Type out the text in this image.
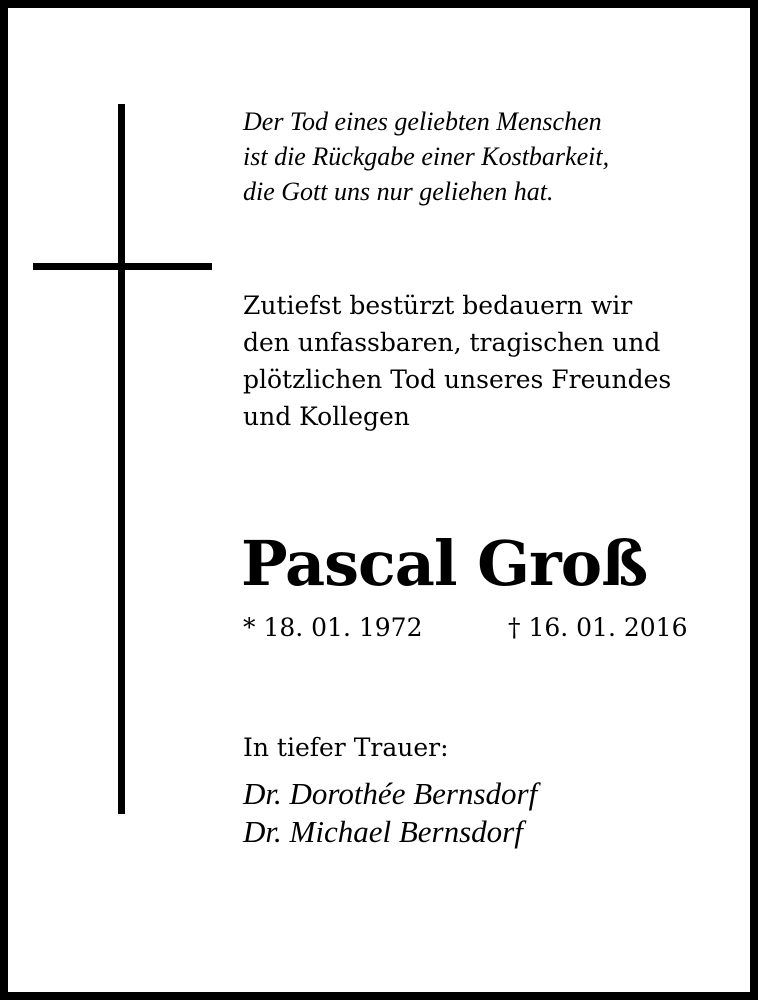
Der Tod eines geliebten Menschen
ist die Rückgabe einer Kostbarkeit,
die Gott uns nur geliehen hat.
Zutiefst bestürzt bedauern wir
den unfassbaren, tragischen und
plötzlichen Tod unseres Freundes
und Kollegen
Pascal Groß
* 18. 01. 1972	† 16. 01. 2016
In tiefer Trauer:
Dr. Dorothée Bernsdorf
Dr. Michael Bernsdorf
